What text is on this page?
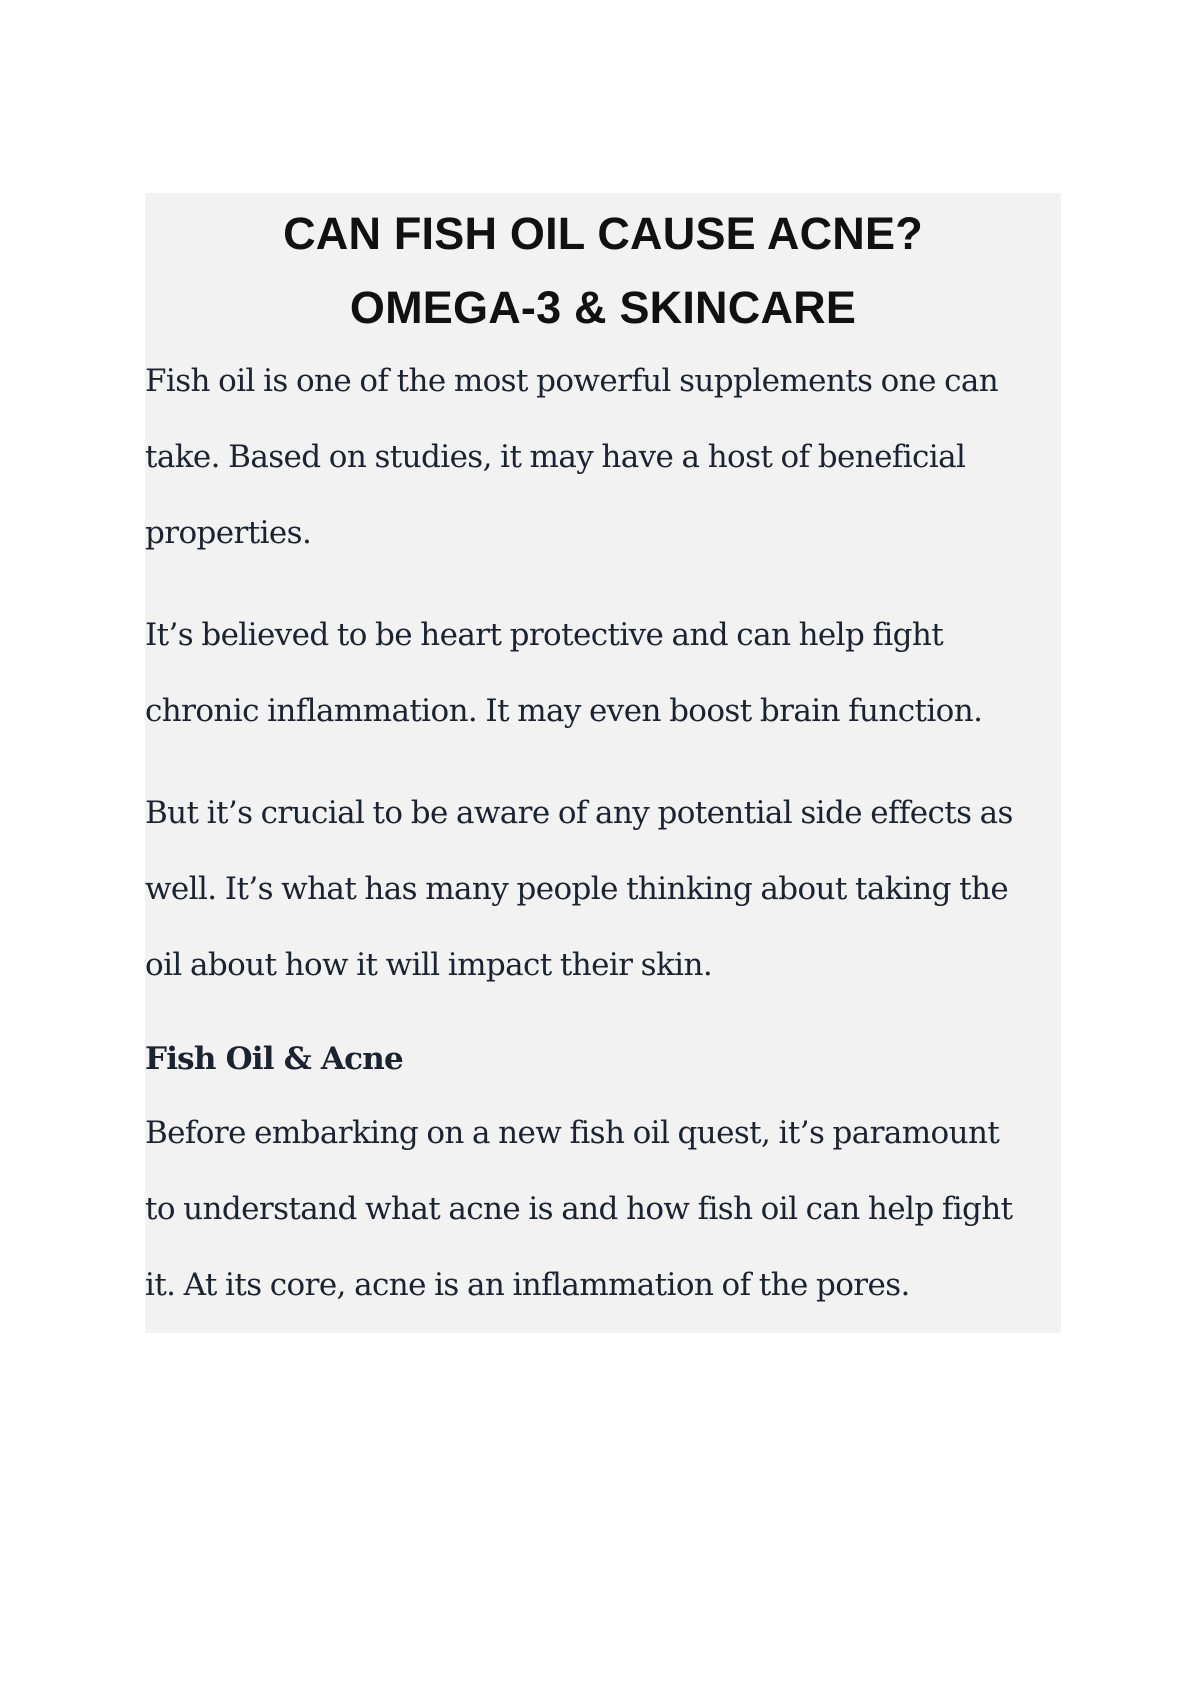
CAN FISH OIL CAUSE ACNE?
OMEGA-3 & SKINCARE

Fish oil is one of the most powerful supplements one can
take. Based on studies, it may have a host of beneficial
properties.

It’s believed to be heart protective and can help fight
chronic inflammation. It may even boost brain function.

But it’s crucial to be aware of any potential side effects as
well. It’s what has many people thinking about taking the
oil about how it will impact their skin.

Fish Oil & Acne

Before embarking on a new fish oil quest, it’s paramount
to understand what acne is and how fish oil can help fight
it. At its core, acne is an inflammation of the pores.
